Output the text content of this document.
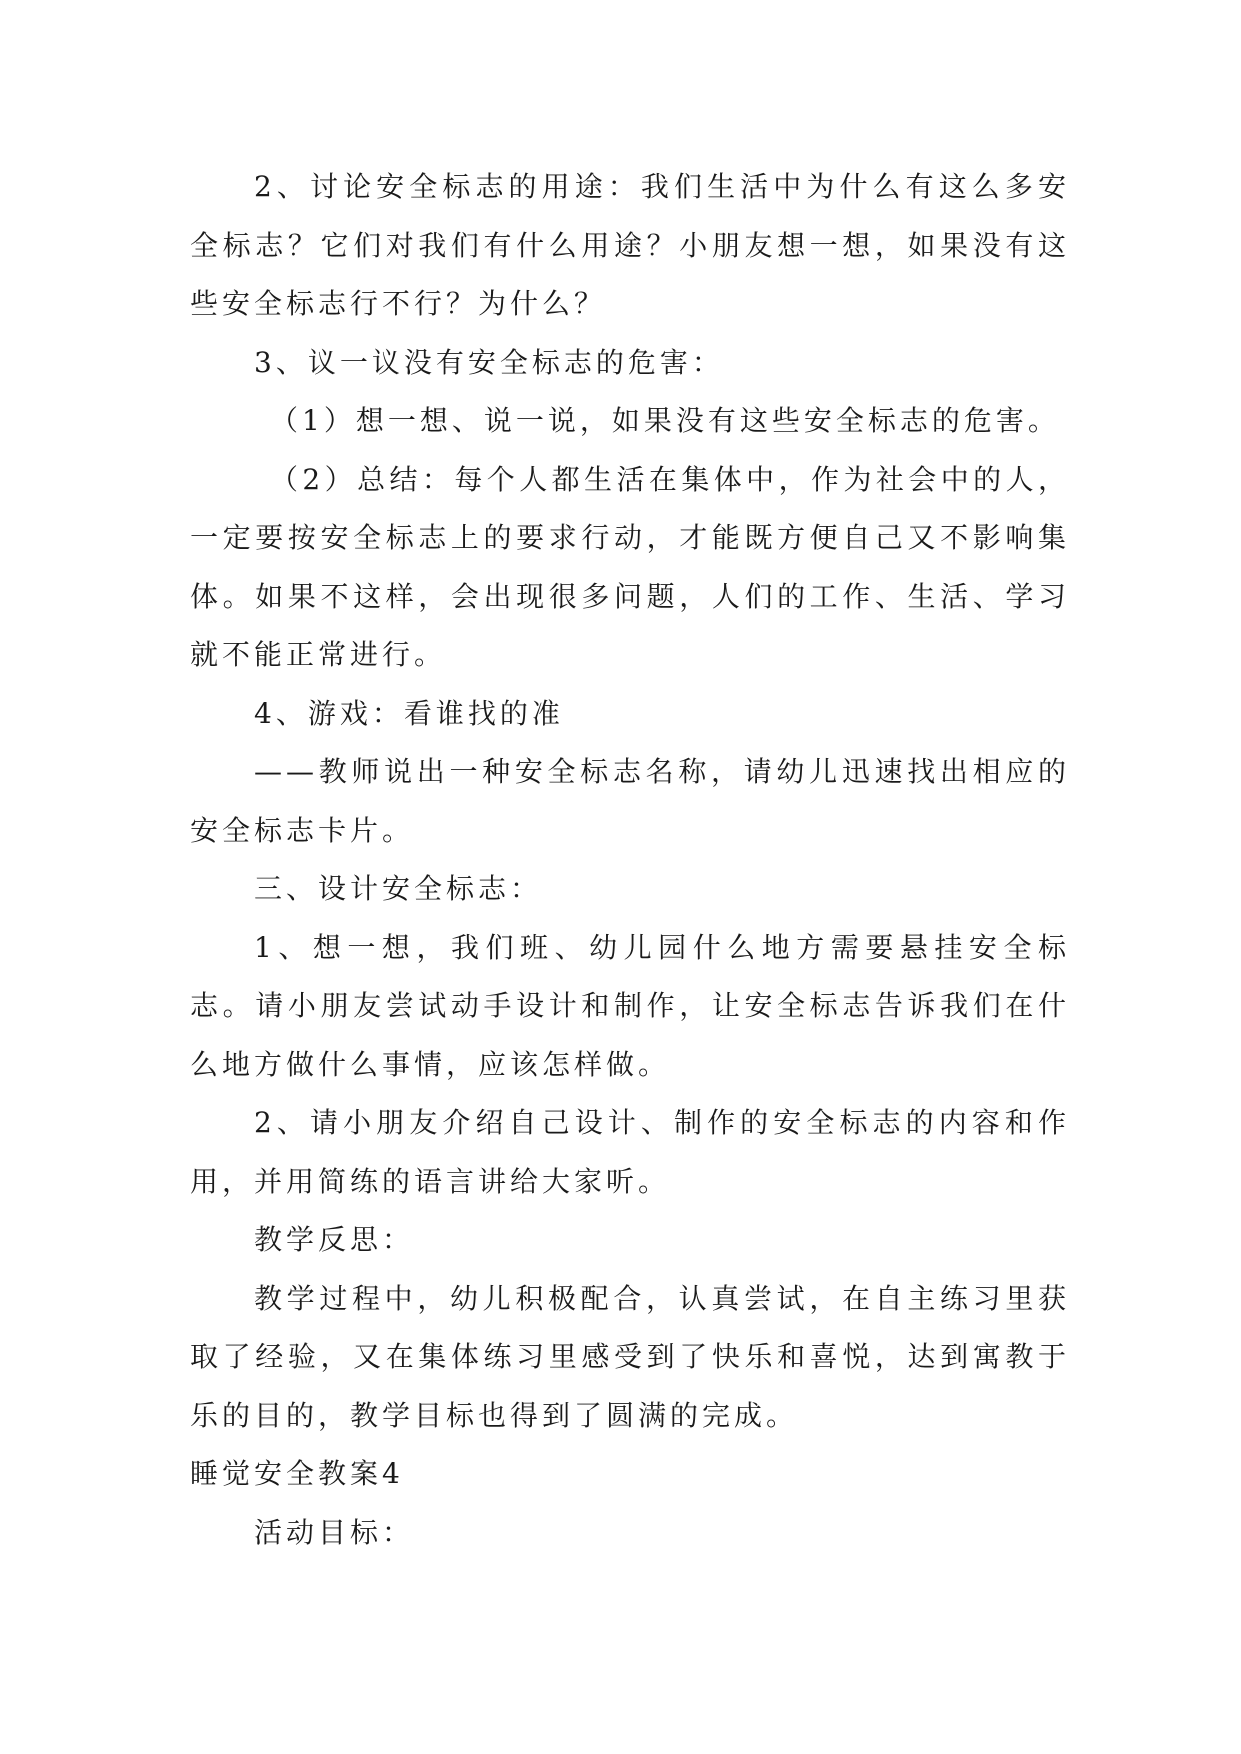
2、讨论安全标志的用途：我们生活中为什么有这么多安全标志？它们对我们有什么用途？小朋友想一想，如果没有这些安全标志行不行？为什么？

3、议一议没有安全标志的危害：

（1）想一想、说一说，如果没有这些安全标志的危害。

（2）总结：每个人都生活在集体中，作为社会中的人，一定要按安全标志上的要求行动，才能既方便自己又不影响集体。如果不这样，会出现很多问题，人们的工作、生活、学习就不能正常进行。

4、游戏：看谁找的准

——教师说出一种安全标志名称，请幼儿迅速找出相应的安全标志卡片。

三、设计安全标志：

1、想一想，我们班、幼儿园什么地方需要悬挂安全标志。请小朋友尝试动手设计和制作，让安全标志告诉我们在什么地方做什么事情，应该怎样做。

2、请小朋友介绍自己设计、制作的安全标志的内容和作用，并用简练的语言讲给大家听。

教学反思：

教学过程中，幼儿积极配合，认真尝试，在自主练习里获取了经验，又在集体练习里感受到了快乐和喜悦，达到寓教于乐的目的，教学目标也得到了圆满的完成。

睡觉安全教案4

活动目标：
